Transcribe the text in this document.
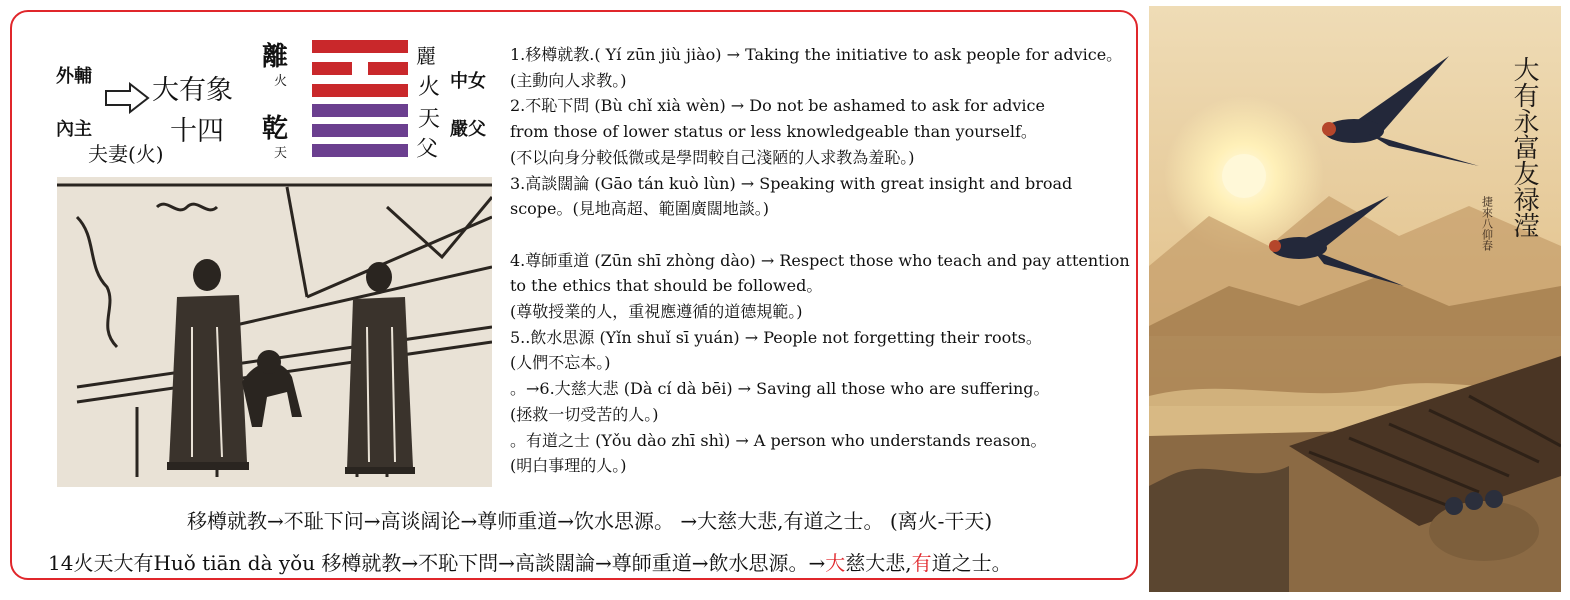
外輔
內主
大有象
十四
夫妻(火)
離
火
乾
天
麗
火
天
父
中女
嚴父
1.移樽就教.( Yí zūn jiù jiào) → Taking the initiative to ask people for advice。
(主動向人求教。)
2.不恥下問 (Bù chǐ xià wèn) → Do not be ashamed to ask for advice
from those of lower status or less knowledgeable than yourself。
(不以向身分較低微或是學問較自己淺陋的人求教為羞恥。)
3.高談闊論 (Gāo tán kuò lùn) → Speaking with great insight and broad
scope。(見地高超、範圍廣闊地談。)
4.尊師重道 (Zūn shī zhòng dào) → Respect those who teach and pay attention
to the ethics that should be followed。
(尊敬授業的人，重視應遵循的道德規範。)
5..飲水思源 (Yǐn shuǐ sī yuán) → People not forgetting their roots。
(人們不忘本。)
。→6.大慈大悲 (Dà cí dà bēi) → Saving all those who are suffering。
(拯救一切受苦的人。)
。有道之士 (Yǒu dào zhī shì) → A person who understands reason。
(明白事理的人。)
移樽就教→不耻下问→高谈阔论→尊师重道→饮水思源。 →大慈大悲,有道之士。 (离火-干天)
14火天大有Huǒ tiān dà yǒu 移樽就教→不恥下問→高談闊論→尊師重道→飲水思源。→大慈大悲,有道之士。
大有永富友禄滢
捷來八仰春
